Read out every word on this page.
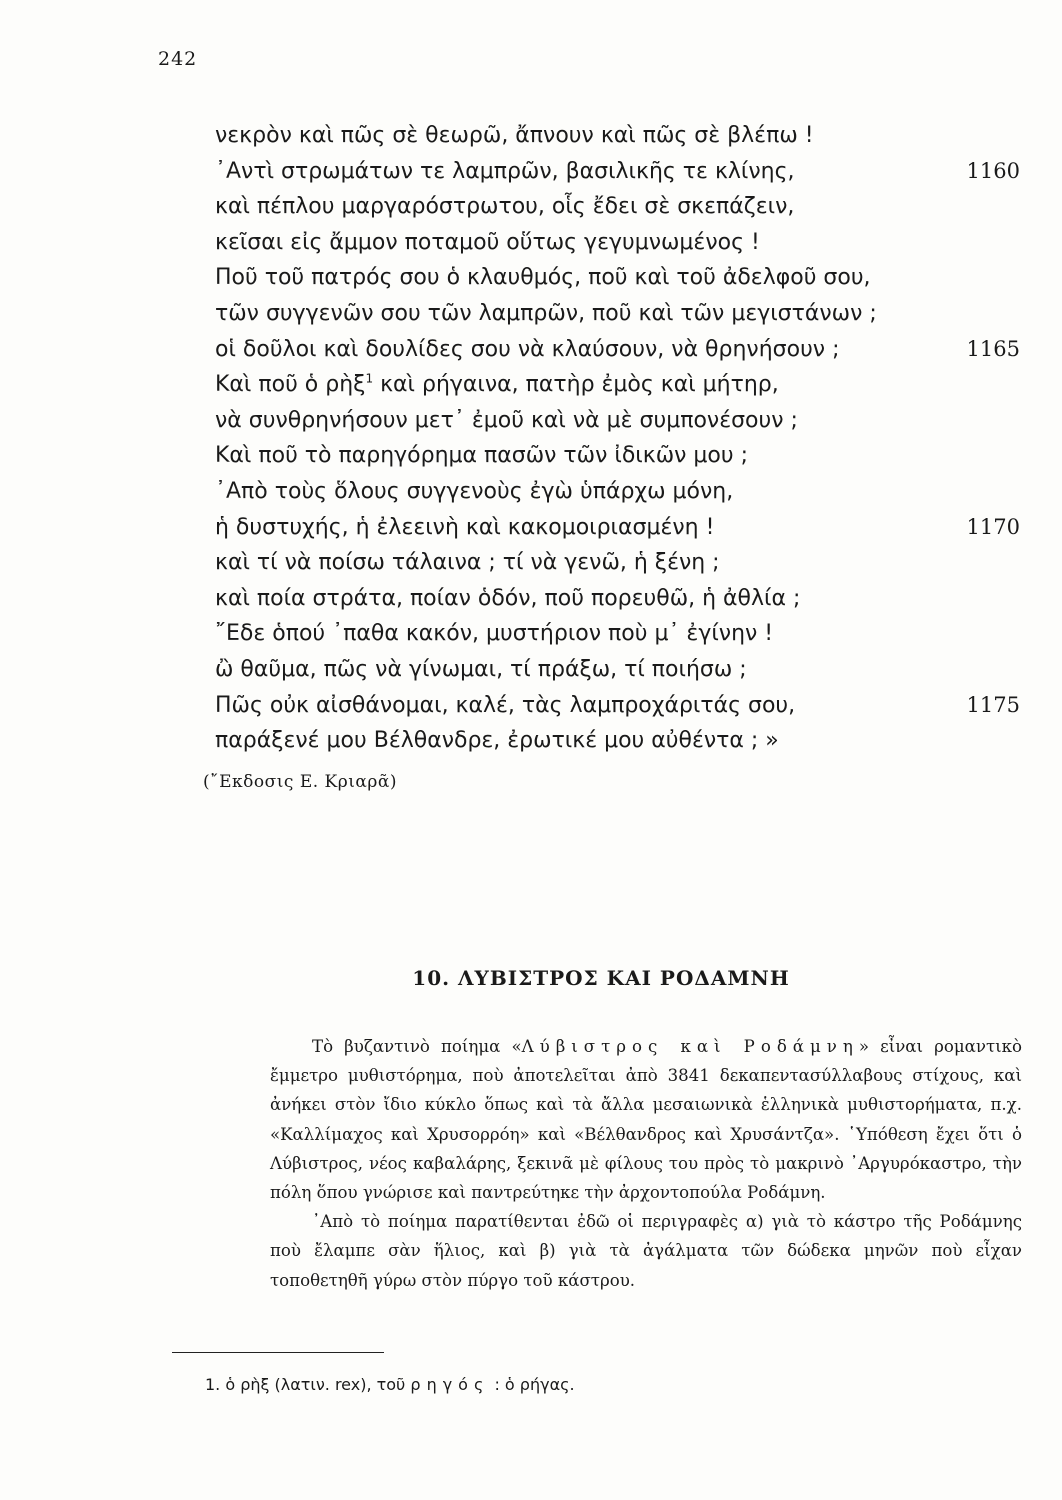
242
νεκρὸν καὶ πῶς σὲ θεωρῶ, ἄπνουν καὶ πῶς σὲ βλέπω !
᾿Αντὶ στρωμάτων τε λαμπρῶν, βασιλικῆς τε κλίνης,	1160
καὶ πέπλου μαργαρόστρωτου, οἷς ἔδει σὲ σκεπάζειν,
κεῖσαι εἰς ἄμμον ποταμοῦ οὕτως γεγυμνωμένος !
Ποῦ τοῦ πατρός σου ὁ κλαυθμός, ποῦ καὶ τοῦ ἀδελφοῦ σου,
τῶν συγγενῶν σου τῶν λαμπρῶν, ποῦ καὶ τῶν μεγιστάνων ;
οἱ δοῦλοι καὶ δουλίδες σου νὰ κλαύσουν, νὰ θρηνήσουν ;	1165
Καὶ ποῦ ὁ ρὴξ$^1$ καὶ ρήγαινα, πατὴρ ἐμὸς καὶ μήτηρ,
νὰ συνθρηνήσουν μετ᾽ ἐμοῦ καὶ νὰ μὲ συμπονέσουν ;
Καὶ ποῦ τὸ παρηγόρημα πασῶν τῶν ἰδικῶν μου ;
᾿Απὸ τοὺς ὅλους συγγενοὺς ἐγὼ ὑπάρχω μόνη,
ἡ δυστυχής, ἡ ἐλεεινὴ καὶ κακομοιριασμένη !	1170
καὶ τί νὰ ποίσω τάλαινα ; τί νὰ γενῶ, ἡ ξένη ;
καὶ ποία στράτα, ποίαν ὁδόν, ποῦ πορευθῶ, ἡ ἀθλία ;
῎Εδε ὁπού ᾽παθα κακόν, μυστήριον ποὺ μ᾽ ἐγίνην !
ὢ θαῦμα, πῶς νὰ γίνωμαι, τί πράξω, τί ποιήσω ;
Πῶς οὐκ αἰσθάνομαι, καλέ, τὰς λαμπροχάριτάς σου,	1175
παράξενέ μου Βέλθανδρε, ἐρωτικέ μου αὐθέντα ; »
(῎Εκδοσις Ε. Κριαρᾶ)
10. ΛΥΒΙΣΤΡΟΣ ΚΑΙ ΡΟΔΑΜΝΗ

Τὸ βυζαντινὸ ποίημα «Λύβιστρος καὶ Ροδάμνη» εἶναι ρομαντικὸ ἔμμετρο μυθιστόρημα, ποὺ ἀποτελεῖται ἀπὸ 3841 δεκαπεντασύλλαβους στίχους, καὶ ἀνήκει στὸν ἴδιο κύκλο ὅπως καὶ τὰ ἄλλα μεσαιωνικὰ ἑλληνικὰ μυθιστορήματα, π.χ. «Καλλίμαχος καὶ Χρυσορρόη» καὶ «Βέλθανδρος καὶ Χρυσάντζα». ῾Υπόθεση ἔχει ὅτι ὁ Λύβιστρος, νέος καβαλάρης, ξεκινᾶ μὲ φίλους του πρὸς τὸ μακρινὸ ᾿Αργυρόκαστρο, τὴν πόλη ὅπου γνώρισε καὶ παντρεύτηκε τὴν ἀρχοντοπούλα Ροδάμνη.

᾿Απὸ τὸ ποίημα παρατίθενται ἐδῶ οἱ περιγραφὲς α) γιὰ τὸ κάστρο τῆς Ροδάμνης ποὺ ἔλαμπε σὰν ἥλιος, καὶ β) γιὰ τὰ ἀγάλματα τῶν δώδεκα μηνῶν ποὺ εἶχαν τοποθετηθῆ γύρω στὸν πύργο τοῦ κάστρου.

1. ὁ ρὴξ (λατιν. rex), τοῦ ρηγός : ὁ ρήγας.
